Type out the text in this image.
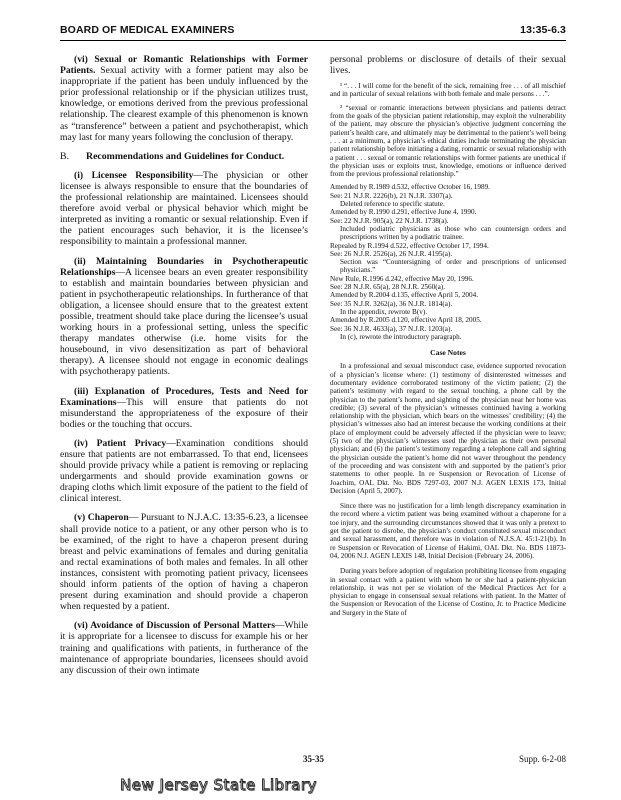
BOARD OF MEDICAL EXAMINERS	13:35-6.3

(vi) Sexual or Romantic Relationships with Former Patients. Sexual activity with a former patient may also be inappropriate if the patient has been unduly influenced by the prior professional relationship or if the physician utilizes trust, knowledge, or emotions derived from the previous professional relationship. The clearest example of this phenomenon is known as “transference” between a patient and psychotherapist, which may last for many years following the conclusion of therapy.

B. Recommendations and Guidelines for Conduct.

(i) Licensee Responsibility—The physician or other licensee is always responsible to ensure that the boundaries of the professional relationship are maintained. Licensees should therefore avoid verbal or physical behavior which might be interpreted as inviting a romantic or sexual relationship. Even if the patient encourages such behavior, it is the licensee’s responsibility to maintain a professional manner.

(ii) Maintaining Boundaries in Psychotherapeutic Relationships—A licensee bears an even greater responsibility to establish and maintain boundaries between physician and patient in psychotherapeutic relationships. In furtherance of that obligation, a licensee should ensure that to the greatest extent possible, treatment should take place during the licensee’s usual working hours in a professional setting, unless the specific therapy mandates otherwise (i.e. home visits for the housebound, in vivo desensitization as part of behavioral therapy). A licensee should not engage in economic dealings with psychotherapy patients.

(iii) Explanation of Procedures, Tests and Need for Examinations—This will ensure that patients do not misunderstand the appropriateness of the exposure of their bodies or the touching that occurs.

(iv) Patient Privacy—Examination conditions should ensure that patients are not embarrassed. To that end, licensees should provide privacy while a patient is removing or replacing undergarments and should provide examination gowns or draping cloths which limit exposure of the patient to the field of clinical interest.

(v) Chaperon— Pursuant to N.J.A.C. 13:35-6.23, a licensee shall provide notice to a patient, or any other person who is to be examined, of the right to have a chaperon present during breast and pelvic examinations of females and during genitalia and rectal examinations of both males and females. In all other instances, consistent with promoting patient privacy, licensees should inform patients of the option of having a chaperon present during examination and should provide a chaperon when requested by a patient.

(vi) Avoidance of Discussion of Personal Matters—While it is appropriate for a licensee to discuss for example his or her training and qualifications with patients, in furtherance of the maintenance of appropriate boundaries, licensees should avoid any discussion of their own intimate

personal problems or disclosure of details of their sexual lives.

¹ “. . . I will come for the benefit of the sick, remaining free . . . of all mischief and in particular of sexual relations with both female and male persons . . .”.

² “sexual or romantic interactions between physicians and patients detract from the goals of the physician patient relationship, may exploit the vulnerability of the patient, may obscure the physician’s objective judgment concerning the patient’s health care, and ultimately may be detrimental to the patient’s well being . . . at a minimum, a physician’s ethical duties include terminating the physician patient relationship before initiating a dating, romantic or sexual relationship with a patient . . . sexual or romantic relationships with former patients are unethical if the physician uses or exploits trust, knowledge, emotions or influence derived from the previous professional relationship.”

Amended by R.1989 d.532, effective October 16, 1989.
See: 21 N.J.R. 2226(b), 21 N.J.R. 3307(a).
Deleted reference to specific statute.
Amended by R.1990 d.291, effective June 4, 1990.
See: 22 N.J.R. 905(a), 22 N.J.R. 1738(a).
Included podiatric physicians as those who can countersign orders and prescriptions written by a podiatric trainee.
Repealed by R.1994 d.522, effective October 17, 1994.
See: 26 N.J.R. 2526(a), 26 N.J.R. 4195(a).
Section was “Countersigning of order and prescriptions of unlicensed physicians.”
New Rule, R.1996 d.242, effective May 20, 1996.
See: 28 N.J.R. 65(a), 28 N.J.R. 2560(a).
Amended by R.2004 d.135, effective April 5, 2004.
See: 35 N.J.R. 3262(a), 36 N.J.R. 1814(a).
In the appendix, rewrote B(v).
Amended by R.2005 d.120, effective April 18, 2005.
See: 36 N.J.R. 4633(a), 37 N.J.R. 1203(a).
In (c), rewrote the introductory paragraph.
Case Notes

In a professional and sexual misconduct case, evidence supported revocation of a physician’s license where: (1) testimony of disinterested witnesses and documentary evidence corroborated testimony of the victim patient; (2) the patient’s testimony with regard to the sexual touching, a phone call by the physician to the patient’s home, and sighting of the physician near her home was credible; (3) several of the physician’s witnesses continued having a working relationship with the physician, which bears on the witnesses’ credibility; (4) the physician’s witnesses also had an interest because the working conditions at their place of employment could be adversely affected if the physician were to leave; (5) two of the physician’s witnesses used the physician as their own personal physician; and (6) the patient’s testimony regarding a telephone call and sighting the physician outside the patient’s home did not waver throughout the pendency of the proceeding and was consistent with and supported by the patient’s prior statements to other people. In re Suspension or Revocation of License of Joachim, OAL Dkt. No. BDS 7297-03, 2007 N.J. AGEN LEXIS 173, Initial Decision (April 5, 2007).

Since there was no justification for a limb length discrepancy examination in the record where a victim patient was being examined without a chaperone for a toe injury, and the surrounding circumstances showed that it was only a pretext to get the patient to disrobe, the physician’s conduct constituted sexual misconduct and sexual harassment, and therefore was in violation of N.J.S.A. 45:1-21(b). In re Suspension or Revocation of License of Hakimi, OAL Dkt. No. BDS 11873-04, 2006 N.J. AGEN LEXIS 148, Initial Decision (February 24, 2006).

During years before adoption of regulation prohibiting licensee from engaging in sexual contact with a patient with whom he or she had a patient-physician relationship, it was not per se violation of the Medical Practices Act for a physician to engage in consensual sexual relations with patient. In the Matter of the Suspension or Revocation of the License of Costino, Jr. to Practice Medicine and Surgery in the State of

35-35	Supp. 6-2-08
New Jersey State Library
